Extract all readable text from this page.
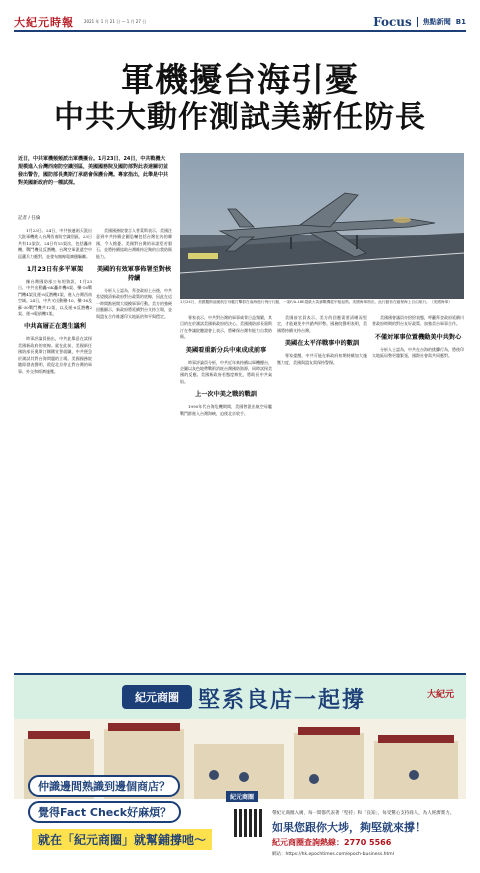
大紀元時報	2021 年 1 月 21 日 — 1 月 27 日	Focus 焦點新聞 B1
軍機擾台海引憂
中共大動作測試美新任防長
近日，中共軍機頻頻派出軍機擾台。1月23日、24日，中共戰機大規模進入台灣西南防空識別區，美國國務院及國防部對此表達關切並發出警告，國防部長奧斯汀承諾會保護台灣。專家指出，此舉是中共對美國新政府的一種試探。
記者 / 任倫

1月23日、24日，中共接連兩天派出大批軍機進入台灣西南防空識別區，23日共有13架次、24日有15架次，包括轟炸機、戰鬥機及反潛機。台灣空軍派遣空中巡邏兵力應對，並發布無線電廣播驅離。

1月23日有多平軍架

據台灣國防部公布的資訊，1月23日，中共出動轟-6K轟炸機8架、殲-16戰鬥機4架及運-8反潛機1架，進入台灣西南空域。24日，中共又出動殲-10、殲-16及蘇-30戰鬥機共12架，以及運-8反潛機2架、運-9電偵機1架。

中共高層正在選生議利

時事評論員指出，中共此舉意在試探美國新政府的底線。就在此前，美國新任國防部長奧斯汀剛剛宣誓就職，中共便急於測試其對台海問題的立場。美國國務院隨即發表聲明，敦促北京停止對台灣的軍事、外交和經濟施壓。

美國國務院發言人普萊斯表示，美國注意到中共持續企圖恐嚇包括台灣在內的鄰國，令人擔憂。美國對台灣的承諾堅若磐石，並將持續協助台灣維持足夠的自我防衛能力。

美國的有效軍事佈署至對核持續

分析人士認為，拜登政府上台後，中共希望摸清新政府對台政策的底線，因此在這一時間點展開大規模軍事行動。美方的強硬回應顯示，新政府將延續對台支持立場，並與盟友合作維護印太地區的和平與穩定。

1月24日，美國羅斯福號航空母艦打擊群在南海進行例行行動，一架F/A-18E超級大黃蜂戰機從甲板起飛。美國海軍指出，此行動旨在確保海上自由航行。（美國海軍）

專家表示，中共對台灣的軍事威脅日益頻繁，其目的在於測試美國新政府的決心。美國國防部長奧斯汀在參議院聽證會上表示，將確保台灣有能力自我防衛。

美國看重新分兵中東成成前事

時事評論員分析，中共近年來持續以軍機擾台，企圖以灰色地帶戰術消耗台灣國防資源，同時試探美國的反應。美國新政府若態度軟化，將助長中共氣焰。

上一次中美之戰的戰訓

1990年代台海危機期間，美國曾派出航空母艦戰鬥群進入台灣海峽，迫使北京收手。

美國前官員表示，美方的回應需要清晰而堅定，才能避免中共錯判形勢。國務院聲明表明，美國將持續支持台灣。

美國在太平洋戰事中的數訓

專家提醒，中共可能在新政府初期持續加大施壓力度，美國與盟友需保持警惕。

美國國會議員亦紛紛表態，呼籲拜登政府延續川普政府時期的對台友好政策，加強美台軍事合作。

不僅対軍事位置機動美中共對心

分析人士認為，中共在台海的挑釁行為，將使印太地區局勢更趨緊張，國際社會需共同應對。

紀元商圈 堅系良店一起撐	大紀元
仲識邊間熟識到邊個商店？
覺得Fact Check好麻煩？
就在「紀元商圈」就幫鋪撐吔～
紀元商圈
帶紀元商圈入廣，每一間都代表著「堅持」和「良知」，每受驚心支持商人，為人經濟實力。
如果您跟你大埗，夠堅就來撐！
紀元商圈查詢熱線：2770 5566
網站：https://hk.epochtimes.com/epoch-business.html
